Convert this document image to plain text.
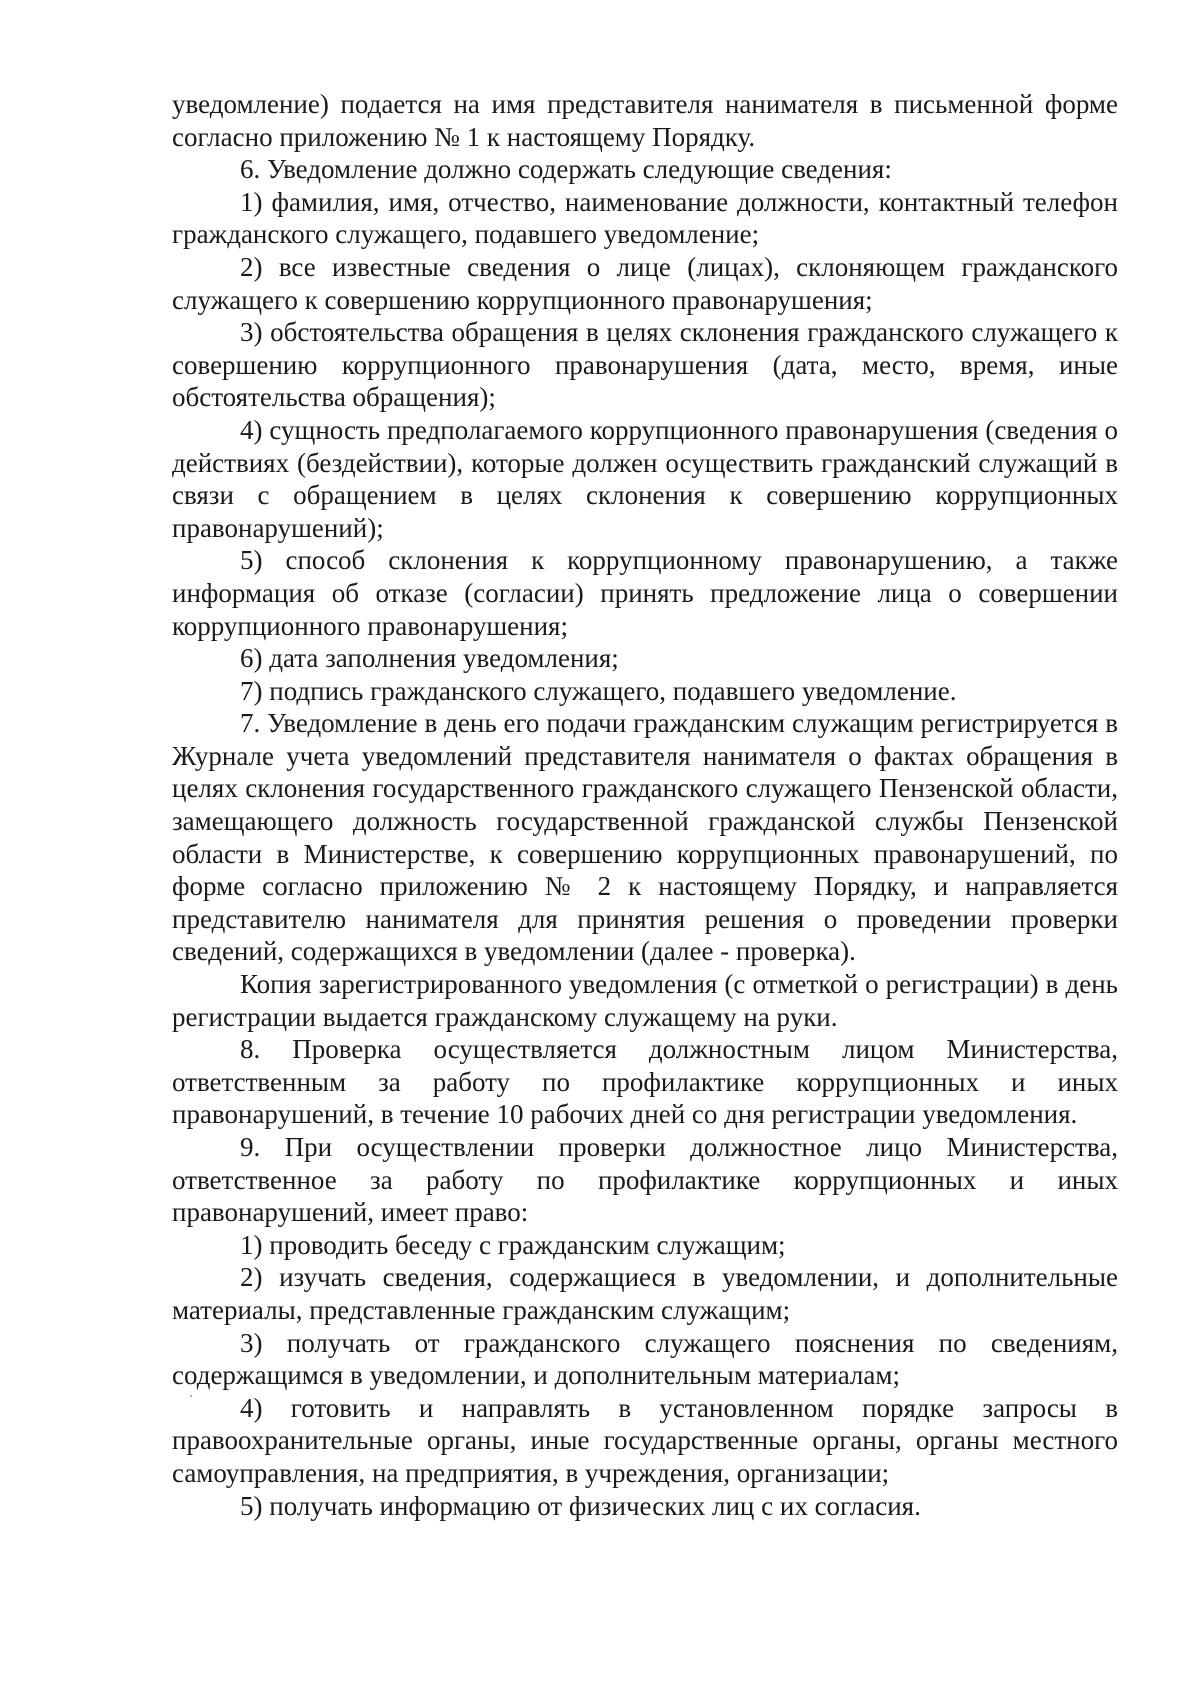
уведомление) подается на имя представителя нанимателя в письменной форме согласно приложению № 1 к настоящему Порядку.

6. Уведомление должно содержать следующие сведения:

1) фамилия, имя, отчество, наименование должности, контактный телефон гражданского служащего, подавшего уведомление;

2) все известные сведения о лице (лицах), склоняющем гражданского служащего к совершению коррупционного правонарушения;

3) обстоятельства обращения в целях склонения гражданского служащего к совершению коррупционного правонарушения (дата, место, время, иные обстоятельства обращения);

4) сущность предполагаемого коррупционного правонарушения (сведения о действиях (бездействии), которые должен осуществить гражданский служащий в связи с обращением в целях склонения к совершению коррупционных правонарушений);

5) способ склонения к коррупционному правонарушению, а также информация об отказе (согласии) принять предложение лица о совершении коррупционного правонарушения;

6) дата заполнения уведомления;

7) подпись гражданского служащего, подавшего уведомление.

7. Уведомление в день его подачи гражданским служащим регистрируется в Журнале учета уведомлений представителя нанимателя о фактах обращения в целях склонения государственного гражданского служащего Пензенской области, замещающего должность государственной гражданской службы Пензенской области в Министерстве, к совершению коррупционных правонарушений, по форме согласно приложению № 2 к настоящему Порядку, и направляется представителю нанимателя для принятия решения о проведении проверки сведений, содержащихся в уведомлении (далее - проверка).

Копия зарегистрированного уведомления (с отметкой о регистрации) в день регистрации выдается гражданскому служащему на руки.

8. Проверка осуществляется должностным лицом Министерства, ответственным за работу по профилактике коррупционных и иных правонарушений, в течение 10 рабочих дней со дня регистрации уведомления.

9. При осуществлении проверки должностное лицо Министерства, ответственное за работу по профилактике коррупционных и иных правонарушений, имеет право:

1) проводить беседу с гражданским служащим;

2) изучать сведения, содержащиеся в уведомлении, и дополнительные материалы, представленные гражданским служащим;

3) получать от гражданского служащего пояснения по сведениям, содержащимся в уведомлении, и дополнительным материалам;

4) готовить и направлять в установленном порядке запросы в правоохранительные органы, иные государственные органы, органы местного самоуправления, на предприятия, в учреждения, организации;

5) получать информацию от физических лиц с их согласия.
